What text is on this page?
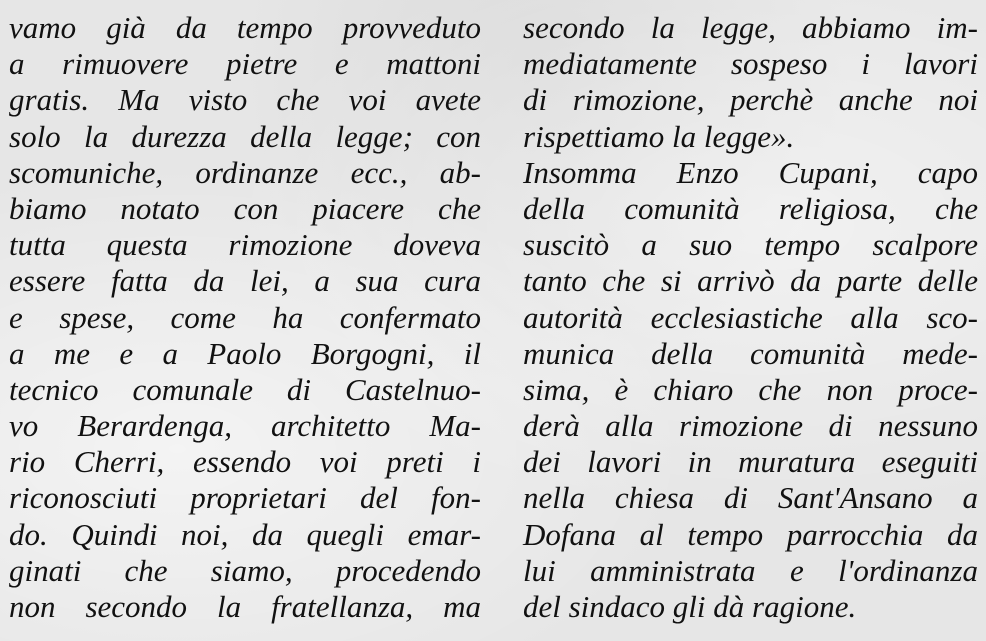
vamo già da tempo provveduto
a rimuovere pietre e mattoni
gratis. Ma visto che voi avete
solo la durezza della legge; con
scomuniche, ordinanze ecc., ab-
biamo notato con piacere che
tutta questa rimozione doveva
essere fatta da lei, a sua cura
e spese, come ha confermato
a me e a Paolo Borgogni, il
tecnico comunale di Castelnuo-
vo Berardenga, architetto Ma-
rio Cherri, essendo voi preti i
riconosciuti proprietari del fon-
do. Quindi noi, da quegli emar-
ginati che siamo, procedendo
non secondo la fratellanza, ma
secondo la legge, abbiamo im-
mediatamente sospeso i lavori
di rimozione, perchè anche noi
rispettiamo la legge».
Insomma Enzo Cupani, capo
della comunità religiosa, che
suscitò a suo tempo scalpore
tanto che si arrivò da parte delle
autorità ecclesiastiche alla sco-
munica della comunità mede-
sima, è chiaro che non proce-
derà alla rimozione di nessuno
dei lavori in muratura eseguiti
nella chiesa di Sant'Ansano a
Dofana al tempo parrocchia da
lui amministrata e l'ordinanza
del sindaco gli dà ragione.
